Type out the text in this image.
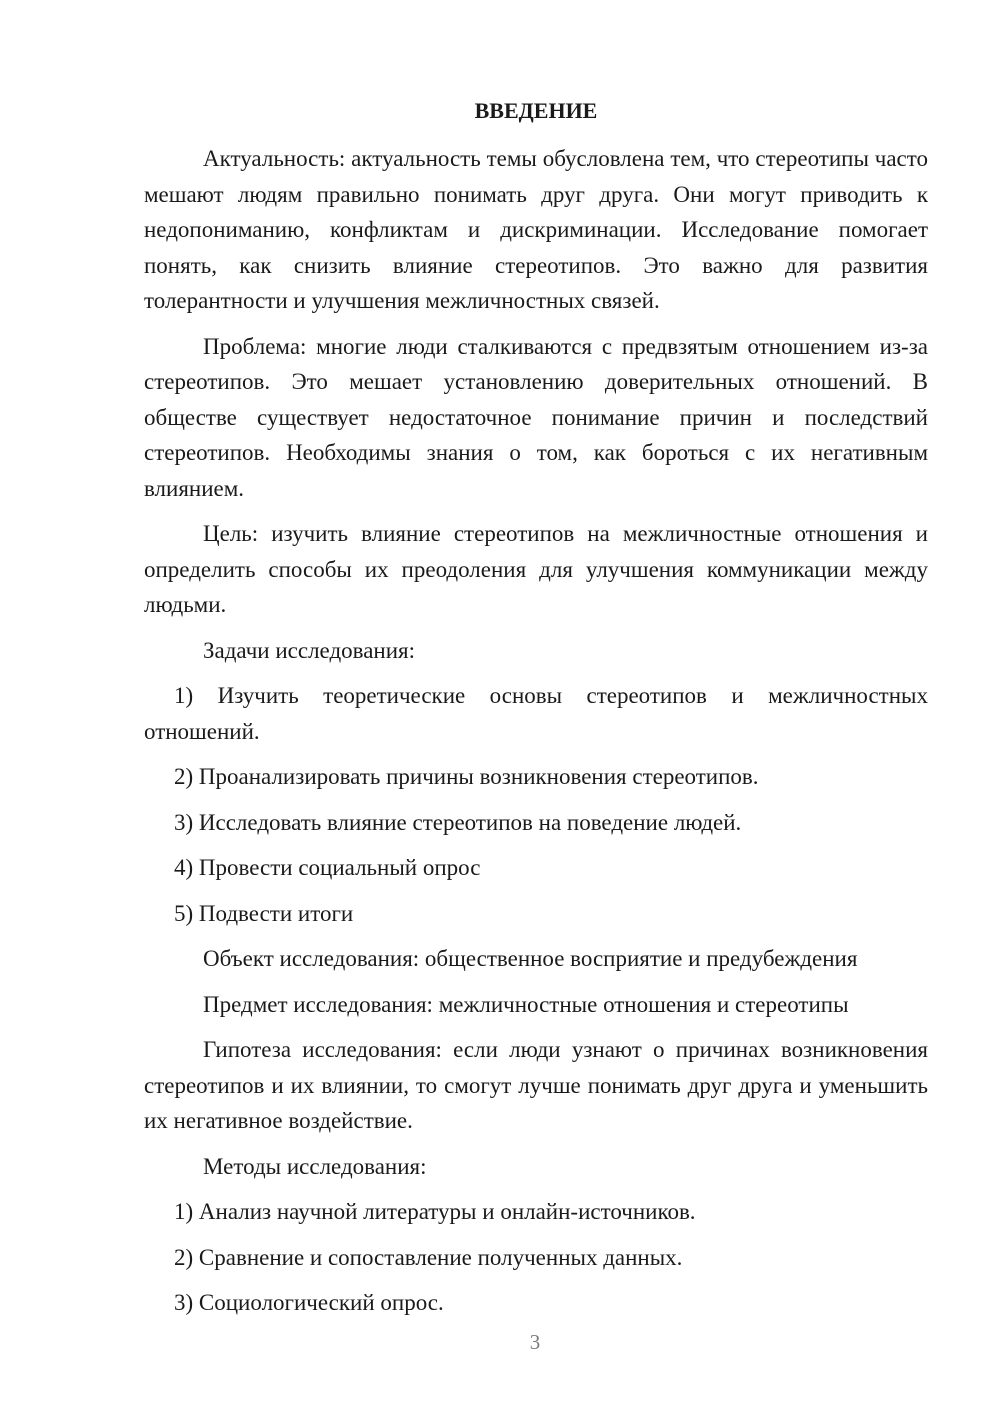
ВВЕДЕНИЕ

Актуальность: актуальность темы обусловлена тем, что стереотипы часто мешают людям правильно понимать друг друга. Они могут приводить к недопониманию, конфликтам и дискриминации. Исследование помогает понять, как снизить влияние стереотипов. Это важно для развития толерантности и улучшения межличностных связей.

Проблема: многие люди сталкиваются с предвзятым отношением из-за стереотипов. Это мешает установлению доверительных отношений. В обществе существует недостаточное понимание причин и последствий стереотипов. Необходимы знания о том, как бороться с их негативным влиянием.

Цель: изучить влияние стереотипов на межличностные отношения и определить способы их преодоления для улучшения коммуникации между людьми.

Задачи исследования:

1) Изучить теоретические основы стереотипов и межличностных отношений.

2) Проанализировать причины возникновения стереотипов.

3) Исследовать влияние стереотипов на поведение людей.

4) Провести социальный опрос

5) Подвести итоги

Объект исследования: общественное восприятие и предубеждения

Предмет исследования: межличностные отношения и стереотипы

Гипотеза исследования: если люди узнают о причинах возникновения стереотипов и их влиянии, то смогут лучше понимать друг друга и уменьшить их негативное воздействие.

Методы исследования:

1) Анализ научной литературы и онлайн-источников.

2) Сравнение и сопоставление полученных данных.

3) Социологический опрос.

3
